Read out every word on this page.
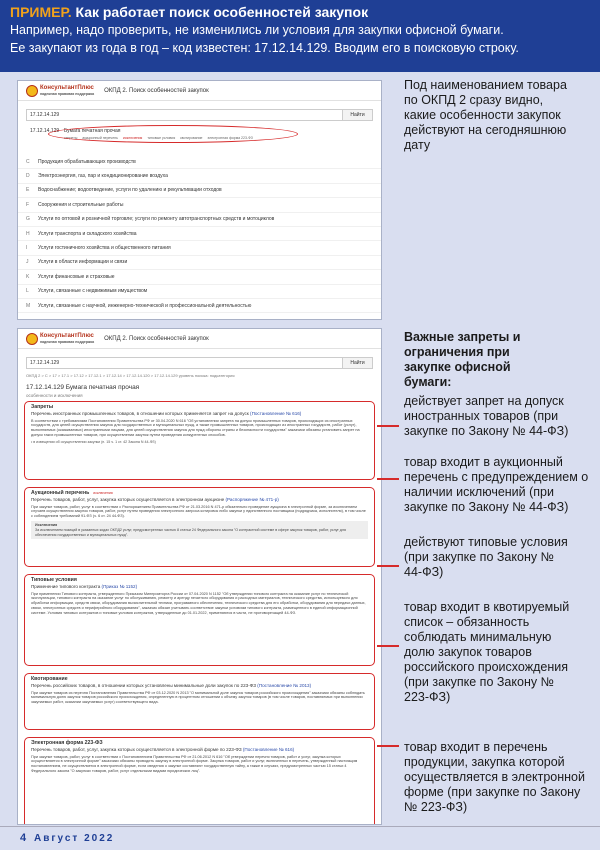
ПРИМЕР. Как работает поиск особенностей закупок
Например, надо проверить, не изменились ли условия для закупки офисной бумаги.
Ее закупают из года в год – код известен: 17.12.14.129. Вводим его в поисковую строку.
КонсультантПлюс
надежная правовая поддержка ОКПД 2. Поиск особенностей закупок
17.12.14.129
Найти
17.12.14.129 Бумага печатная прочая
запреты аукционный перечень исключения типовые условия квотирование электронная форма 223-ФЗ
C	Продукция обрабатывающих производств
D	Электроэнергия, газ, пар и кондиционирование воздуха
E	Водоснабжение; водоотведение, услуги по удалению и рекультивации отходов
F	Сооружения и строительные работы
G	Услуги по оптовой и розничной торговле; услуги по ремонту автотранспортных средств и мотоциклов
H	Услуги транспорта и складского хозяйства
I	Услуги гостиничного хозяйства и общественного питания
J	Услуги в области информации и связи
K	Услуги финансовые и страховые
L	Услуги, связанные с недвижимым имуществом
M	Услуги, связанные с научной, инженерно-технической и профессиональной деятельностью
КонсультантПлюс
надежная правовая поддержка ОКПД 2. Поиск особенностей закупок
17.12.14.129
Найти
ОКПД 2 > C > 17 > 17.1 > 17.12 > 17.12.1 > 17.12.14 > 17.12.14.120 > 17.12.14.129 уровень поиска: подкатегория
17.12.14.129 Бумага печатная прочая
особенности и исключения
Запреты
Перечень иностранных промышленных товаров, в отношении которых применяется запрет на допуск (Постановление № 616)
В соответствии с требованиями Постановления Правительства РФ от 30.04.2020 N 616 "Об установлении запрета на допуск промышленных товаров, происходящих из иностранных государств, для целей осуществления закупок для государственных и муниципальных нужд, а также промышленных товаров, происходящих из иностранных государств, работ (услуг), выполняемых (оказываемых) иностранными лицами, для целей осуществления закупок для нужд обороны страны и безопасности государства" заказчики обязаны установить запрет на допуск таких промышленных товаров, при осуществлении закупок путем проведения конкурентных способов.
• в извещении об осуществлении закупки (п. 15 ч. 1 ст. 42 Закона N 44-ФЗ)
Аукционный перечень исключения
Перечень товаров, работ, услуг, закупка которых осуществляется в электронном аукционе (Распоряжение № 471-р)
При закупке товаров, работ, услуг в соответствии с Распоряжением Правительства РФ от 21.03.2016 N 471-р обязательно проведение аукциона в электронной форме, за исключением случаев осуществления закупок товаров, работ, услуг путем проведения электронного запроса котировок либо закупки у единственного поставщика (подрядчика, исполнителя), в том числе с соблюдением требований 91-ФЗ (ч. 6 ст. 24 44-ФЗ).
Исключения
За исключением позиций в указанных кодах ОКПД2 услуг, предусмотренных частью 8 статьи 24 Федерального закона "О контрактной системе в сфере закупок товаров, работ, услуг для обеспечения государственных и муниципальных нужд".
Типовые условия
Применение типового контракта (Приказ № 1152)
При применении Типового контракта, утвержденного Приказом Минпромторга России от 07.04.2020 N 1152 "Об утверждении типового контракта на оказание услуг по технической эксплуатации, типового контракта на оказание услуг по обслуживанию, ремонту и аренду печатного оборудования и расходных материалов, технического средства, используемого для обработки информации, средств связи, оборудования вычислительной техники, программного обеспечения, технического средства для его обработки, оборудования для передачи данных, связи, электронных средств и периферийного оборудования", заказчик обязан учитывать соответствие закупки условиям типового контракта, размещенного в единой информационной системе. Условия типовых контрактов и типовые условия контрактов, утвержденные до 01.01.2022, применяются в части, не противоречащей 44-ФЗ.
Квотирование
Перечень российских товаров, в отношении которых установлены минимальные доли закупок по 223-ФЗ (Постановление № 2013)
При закупке товаров из перечня Постановления Правительства РФ от 03.12.2020 N 2013 "О минимальной доле закупок товаров российского происхождения" заказчики обязаны соблюдать минимальную долю закупок товаров российского происхождения, определенную в процентном отношении к объему закупок товаров (в том числе товаров, поставляемых при выполнении закупаемых работ, оказании закупаемых услуг) соответствующего вида.
Электронная форма 223-ФЗ
Перечень товаров, работ, услуг, закупка которых осуществляется в электронной форме по 223-ФЗ (Постановление № 616)
При закупке товаров, работ, услуг в соответствии с Постановлением Правительства РФ от 21.06.2012 N 616 "Об утверждении перечня товаров, работ и услуг, закупка которых осуществляется в электронной форме" заказчики обязаны проводить закупку в электронной форме. Закупка товаров, работ и услуг, включенных в перечень, утвержденный настоящим постановлением, не осуществляется в электронной форме, если сведения о закупке составляют государственную тайну, а также в случаях, предусмотренных частью 15 статьи 4 Федерального закона "О закупках товаров, работ, услуг отдельными видами юридических лиц".
Под наименованием товара по ОКПД 2 сразу видно, какие особенности закупок действуют на сегодняшнюю дату
Важные запреты и ограничения при закупке офисной бумаги:
действует запрет на допуск иностранных товаров (при закупке по Закону № 44-ФЗ)
товар входит в аукционный перечень с предупреждением о наличии исключений (при закупке по Закону № 44-ФЗ)
действуют типовые условия (при закупке по Закону № 44-ФЗ)
товар входит в квотируемый список – обязанность соблюдать минимальную долю закупок товаров российского происхождения (при закупке по Закону № 223-ФЗ)
товар входит в перечень продукции, закупка которой осуществляется в электронной форме (при закупке по Закону № 223-ФЗ)
4 Август 2022
